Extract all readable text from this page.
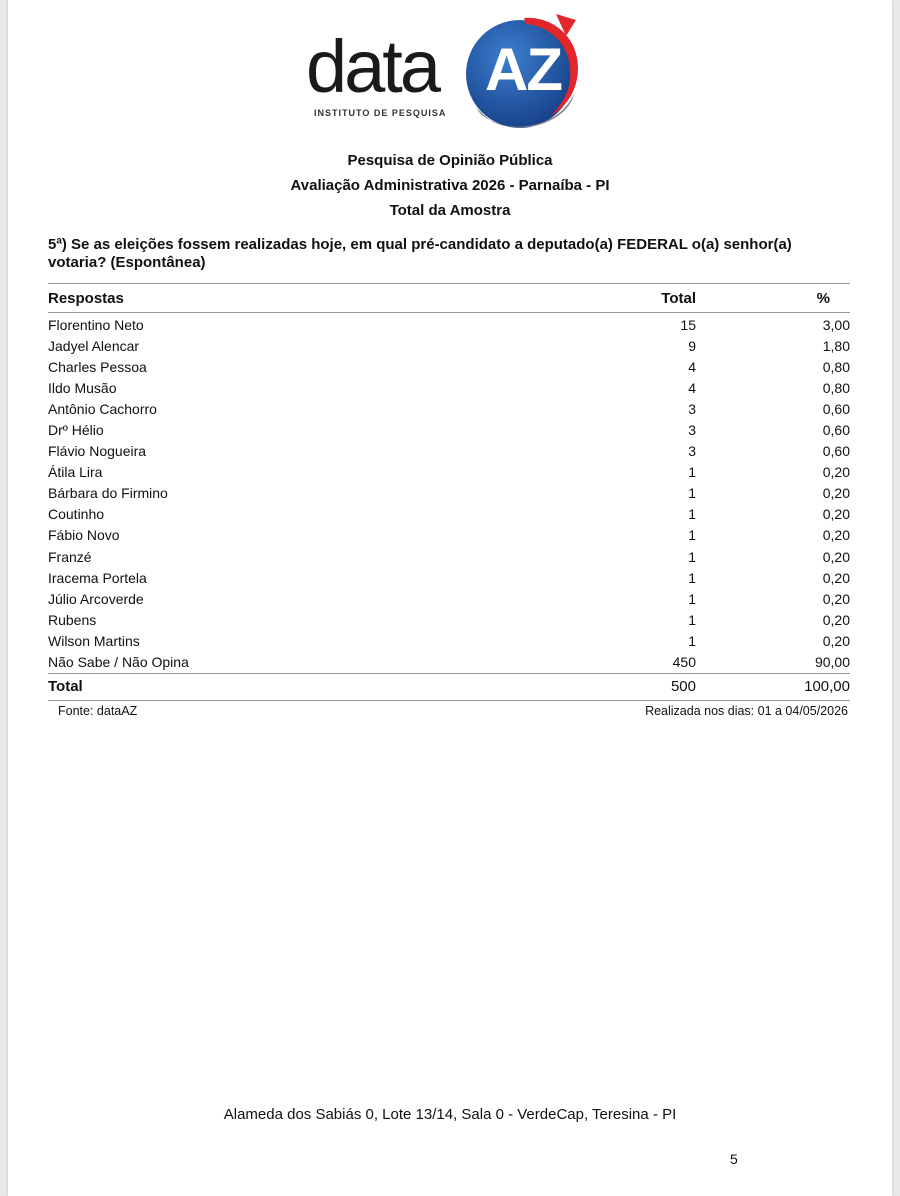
data AZ
INSTITUTO DE PESQUISA
Pesquisa de Opinião Pública
Avaliação Administrativa 2026 - Parnaíba - PI
Total da Amostra
5ª) Se as eleições fossem realizadas hoje, em qual pré-candidato a deputado(a) FEDERAL o(a) senhor(a) votaria? (Espontânea)
Respostas	Total	%
Florentino Neto	15	3,00
Jadyel Alencar	9	1,80
Charles Pessoa	4	0,80
Ildo Musão	4	0,80
Antônio Cachorro	3	0,60
Drº Hélio	3	0,60
Flávio Nogueira	3	0,60
Átila Lira	1	0,20
Bárbara do Firmino	1	0,20
Coutinho	1	0,20
Fábio Novo	1	0,20
Franzé	1	0,20
Iracema Portela	1	0,20
Júlio Arcoverde	1	0,20
Rubens	1	0,20
Wilson Martins	1	0,20
Não Sabe / Não Opina	450	90,00
Total	500	100,00
Fonte: dataAZ	Realizada nos dias: 01 a 04/05/2026
Alameda dos Sabiás 0, Lote 13/14, Sala 0 - VerdeCap, Teresina - PI
5
